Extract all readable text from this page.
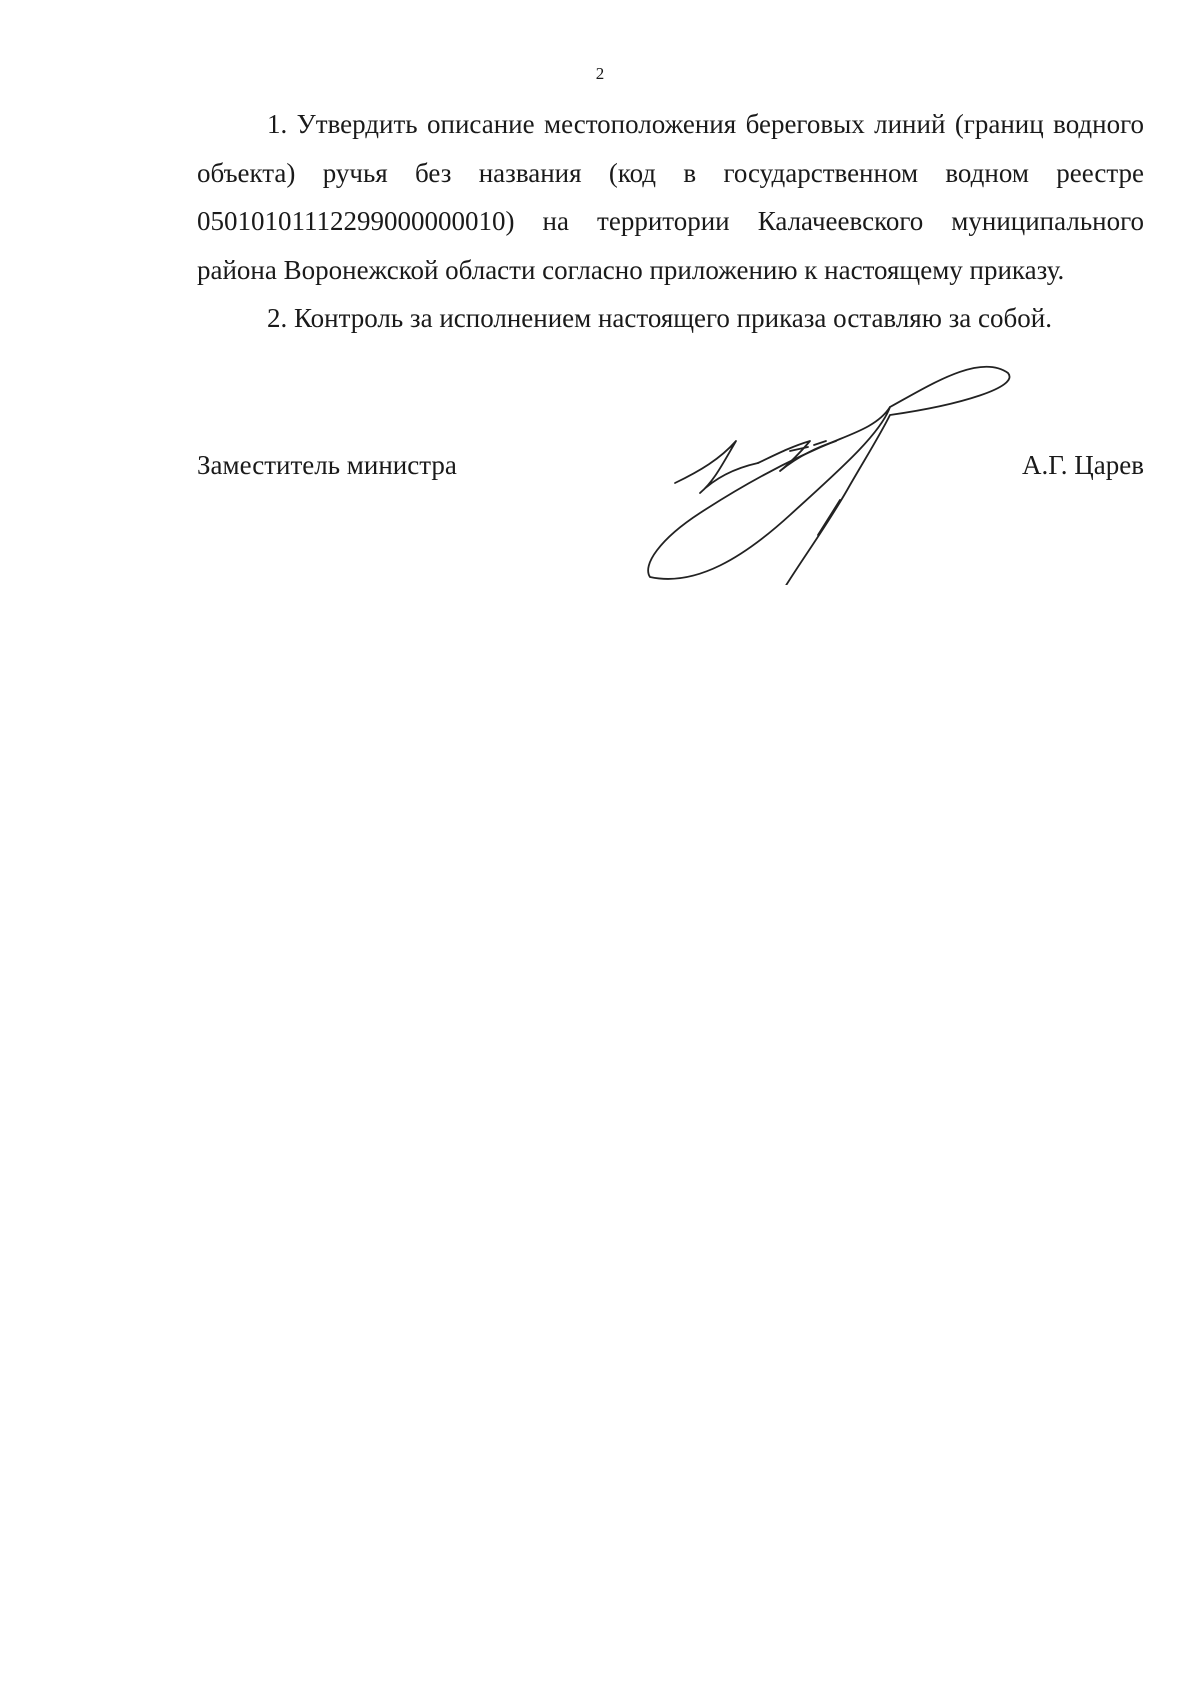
2

1. Утвердить описание местоположения береговых линий (границ водного объекта) ручья без названия (код в государственном водном реестре 05010101112299000000010) на территории Калачеевского муниципального района Воронежской области согласно приложению к настоящему приказу.

2. Контроль за исполнением настоящего приказа оставляю за собой.

Заместитель министра	А.Г. Царев
